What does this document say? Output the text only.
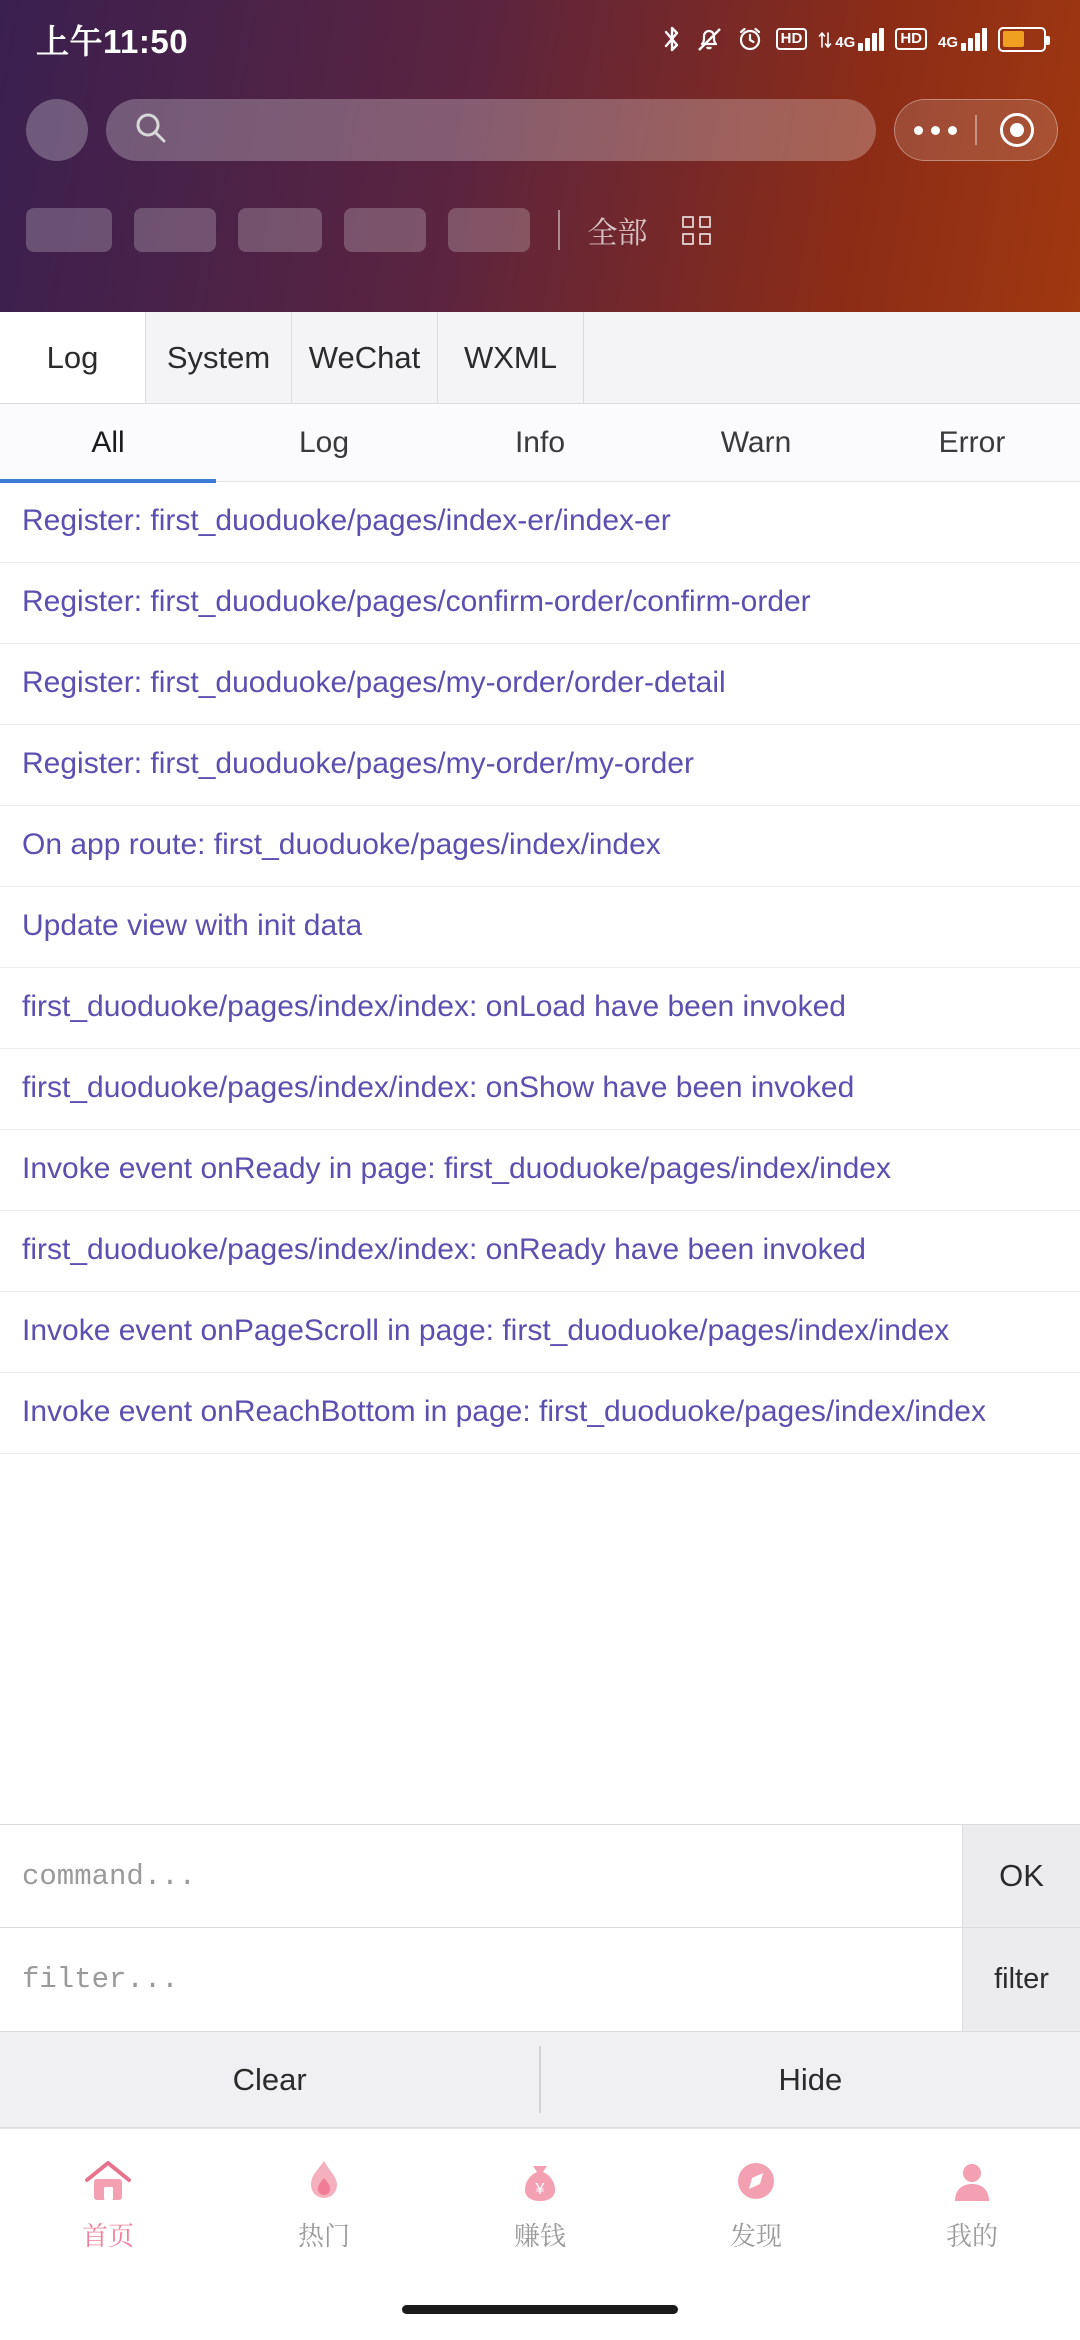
上午11:50	HD	4G	HD	4G
全部
Log	System	WeChat	WXML
All	Log	Info	Warn	Error
Register: first_duoduoke/pages/index-er/index-er
Register: first_duoduoke/pages/confirm-order/confirm-order
Register: first_duoduoke/pages/my-order/order-detail
Register: first_duoduoke/pages/my-order/my-order
On app route: first_duoduoke/pages/index/index
Update view with init data
first_duoduoke/pages/index/index: onLoad have been invoked
first_duoduoke/pages/index/index: onShow have been invoked
Invoke event onReady in page: first_duoduoke/pages/index/index
first_duoduoke/pages/index/index: onReady have been invoked
Invoke event onPageScroll in page: first_duoduoke/pages/index/index
Invoke event onReachBottom in page: first_duoduoke/pages/index/index
command...	OK
filter...	filter
Clear	Hide
首页	热门
¥
赚钱	发现	我的
